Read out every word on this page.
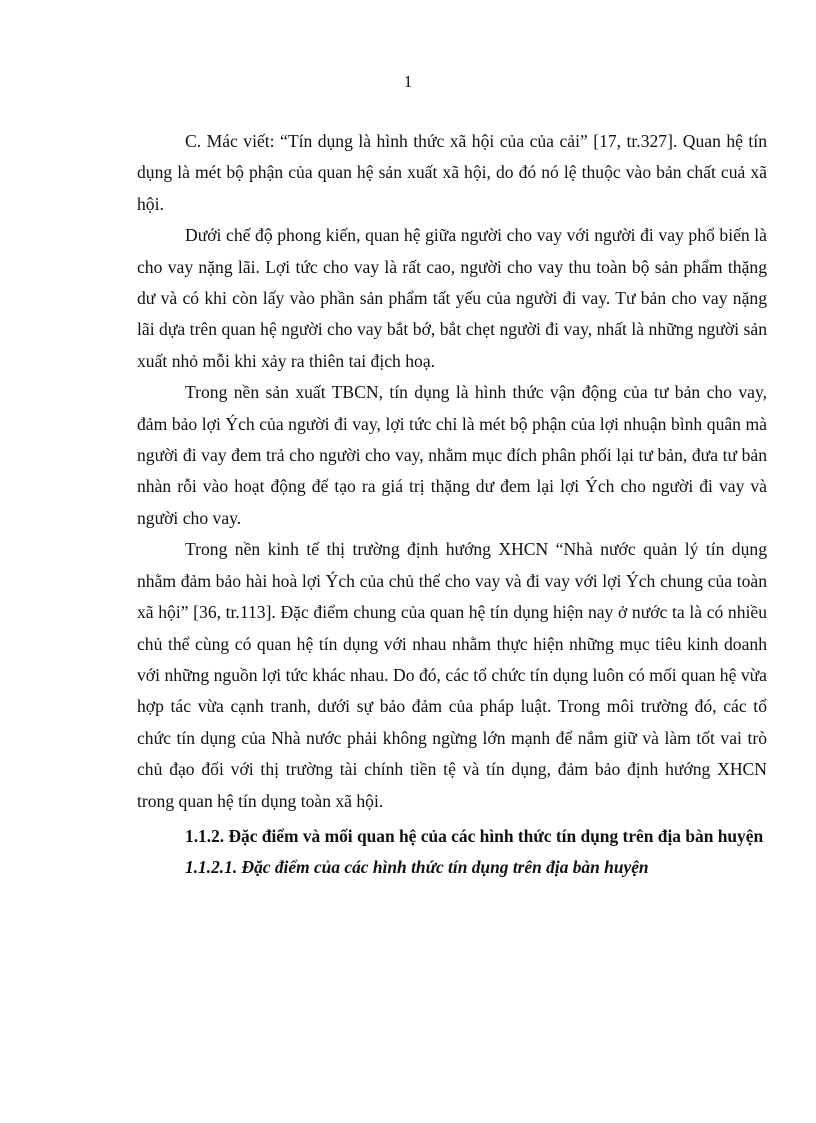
1

C. Mác viết: “Tín dụng là hình thức xã hội của của cải” [17, tr.327]. Quan hệ tín dụng là mét bộ phận của quan hệ sản xuất xã hội, do đó nó lệ thuộc vào bản chất cuả xã hội.

Dưới chế độ phong kiến, quan hệ giữa người cho vay với người đi vay phổ biến là cho vay nặng lãi. Lợi tức cho vay là rất cao, người cho vay thu toàn bộ sản phẩm thặng dư và có khi còn lấy vào phần sản phẩm tất yếu của người đi vay. Tư bản cho vay nặng lãi dựa trên quan hệ người cho vay bắt bớ, bắt chẹt người đi vay, nhất là những người sản xuất nhỏ mỗi khi xảy ra thiên tai địch hoạ.

Trong nền sản xuất TBCN, tín dụng là hình thức vận động của tư bản cho vay, đảm bảo lợi Ých của người đi vay, lợi tức chỉ là mét bộ phận của lợi nhuận bình quân mà người đi vay đem trả cho người cho vay, nhằm mục đích phân phối lại tư bản, đưa tư bản nhàn rỗi vào hoạt động để tạo ra giá trị thặng dư đem lại lợi Ých cho người đi vay và người cho vay.

Trong nền kinh tế thị trường định hướng XHCN “Nhà nước quản lý tín dụng nhằm đảm bảo hài hoà lợi Ých của chủ thể cho vay và đi vay với lợi Ých chung của toàn xã hội” [36, tr.113]. Đặc điểm chung của quan hệ tín dụng hiện nay ở nước ta là có nhiều chủ thể cùng có quan hệ tín dụng với nhau nhằm thực hiện những mục tiêu kinh doanh với những nguồn lợi tức khác nhau. Do đó, các tổ chức tín dụng luôn có mối quan hệ vừa hợp tác vừa cạnh tranh, dưới sự bảo đảm của pháp luật. Trong môi trường đó, các tổ chức tín dụng của Nhà nước phải không ngừng lớn mạnh để nắm giữ và làm tốt vai trò chủ đạo đối với thị trường tài chính tiền tệ và tín dụng, đảm bảo định hướng XHCN trong quan hệ tín dụng toàn xã hội.

1.1.2. Đặc điểm và mối quan hệ của các hình thức tín dụng trên địa bàn huyện

1.1.2.1. Đặc điểm của các hình thức tín dụng trên địa bàn huyện
